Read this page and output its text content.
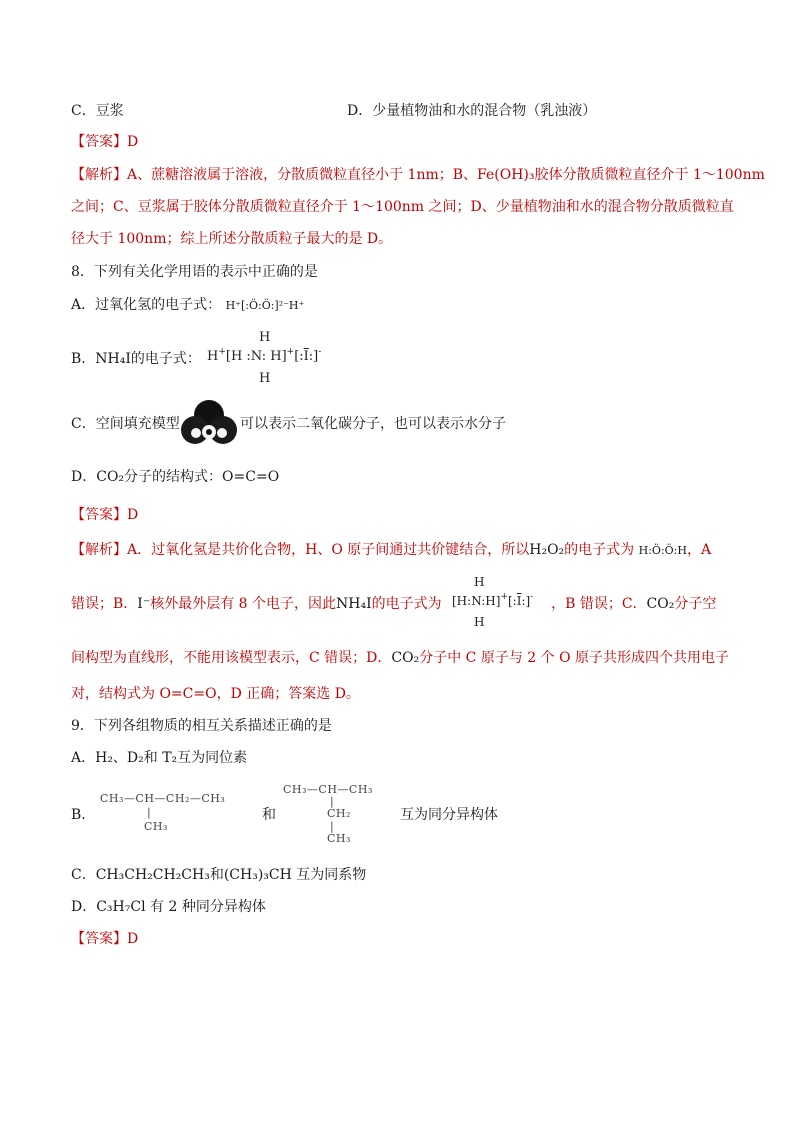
C．豆浆	D．少量植物油和水的混合物（乳浊液）
【答案】D
【解析】A、蔗糖溶液属于溶液，分散质微粒直径小于 1nm；B、Fe(OH)₃胶体分散质微粒直径介于 1～100nm
之间；C、豆浆属于胶体分散质微粒直径介于 1～100nm 之间；D、少量植物油和水的混合物分散质微粒直
径大于 100nm；综上所述分散质粒子最大的是 D。
8．下列有关化学用语的表示中正确的是
A．过氧化氢的电子式： H⁺[:Ö:Ö:]²⁻H⁺
B．NH₄I的电子式：
H
H+[H :N: $H]^+[:\overline{I}:]^-$
H
C．空间填充模型	可以表示二氧化碳分子，也可以表示水分子
D．CO₂分子的结构式：O=C=O
【答案】D
【解析】A．过氧化氢是共价化合物，H、O 原子间通过共价键结合，所以H₂O₂的电子式为 H:Ö:Ö:H，A
错误；B．I⁻核外最外层有 8 个电子，因此NH₄I的电子式为	，B 错误；C．CO₂分子空
H
$[H:N:H]^+[:\overline{I}:]^-$
H
间构型为直线形，不能用该模型表示，C 错误；D．CO₂分子中 C 原子与 2 个 O 原子共形成四个共用电子
对，结构式为 O=C=O，D 正确；答案选 D。
9．下列各组物质的相互关系描述正确的是
A．H₂、D₂和 T₂互为同位素
B．
CH₃—CH—CH₂—CH₃
|
CH₃
和
CH₃—CH—CH₃
|
CH₂
|
CH₃
互为同分异构体
C．CH₃CH₂CH₂CH₃和(CH₃)₃CH 互为同系物
D．C₃H₇Cl 有 2 种同分异构体
【答案】D
